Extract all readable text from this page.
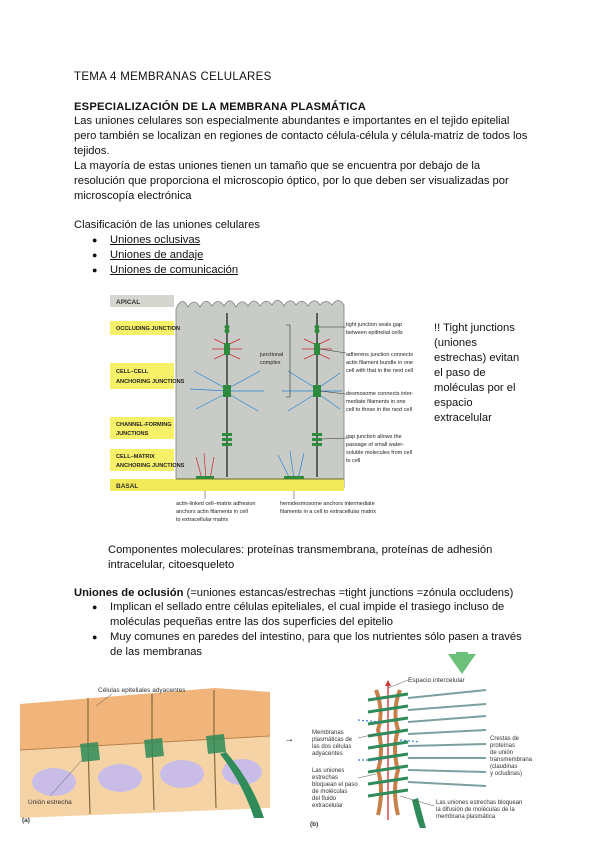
TEMA 4 MEMBRANAS CELULARES
ESPECIALIZACIÓN DE LA MEMBRANA PLASMÁTICA
Las uniones celulares son especialmente abundantes e importantes en el tejido epitelial
pero también se localizan en regiones de contacto célula-célula y célula-matriz de todos los
tejidos.
La mayoría de estas uniones tienen un tamaño que se encuentra por debajo de la
resolución que proporciona el microscopio óptico, por lo que deben ser visualizadas por
microscopía electrónica
Clasificación de las uniones celulares
● Uniones oclusivas
● Uniones de andaje
● Uniones de comunicación
APICAL
BASAL
OCCLUDING JUNCTION
CELL–CELL ANCHORING JUNCTIONS
CHANNEL-FORMING JUNCTIONS
CELL–MATRIX ANCHORING JUNCTIONS
junctional complex
tight junction seals gap between epithelial cells
adherens junction connects actin filament bundle in one cell with that in the next cell
desmosome connects inter-mediate filaments in one cell to those in the next cell
gap junction allows the passage of small water-soluble molecules from cell to cell
actin-linked cell–matrix adhesion anchors actin filaments in cell to extracellular matrix
hemidesmosome anchors intermediate filaments in a cell to extracellular matrix
!! Tight junctions
(uniones
estrechas) evitan
el paso de
moléculas por el
espacio
extracelular
Componentes moleculares: proteínas transmembrana, proteínas de adhesión
intracelular, citoesqueleto
Uniones de oclusión (=uniones estancas/estrechas =tight junctions =zónula occludens)
● Implican el sellado entre células epiteliales, el cual impide el trasiego incluso de
moléculas pequeñas entre las dos superficies del epitelio
● Muy comunes en paredes del intestino, para que los nutrientes sólo pasen a través
de las membranas
Células epiteliales adyacentes
Unión estrecha
(a)
→
Espacio intercelular
Membranas plasmáticas de las dos células adyacentes
Las uniones estrechas bloquean el paso de moléculas del fluido extracelular
Crestas de proteínas de unión transmembrana (claudinas y ocludinas)
Las uniones estrechas bloquean la difusión de moléculas de la membrana plasmática
(b)
